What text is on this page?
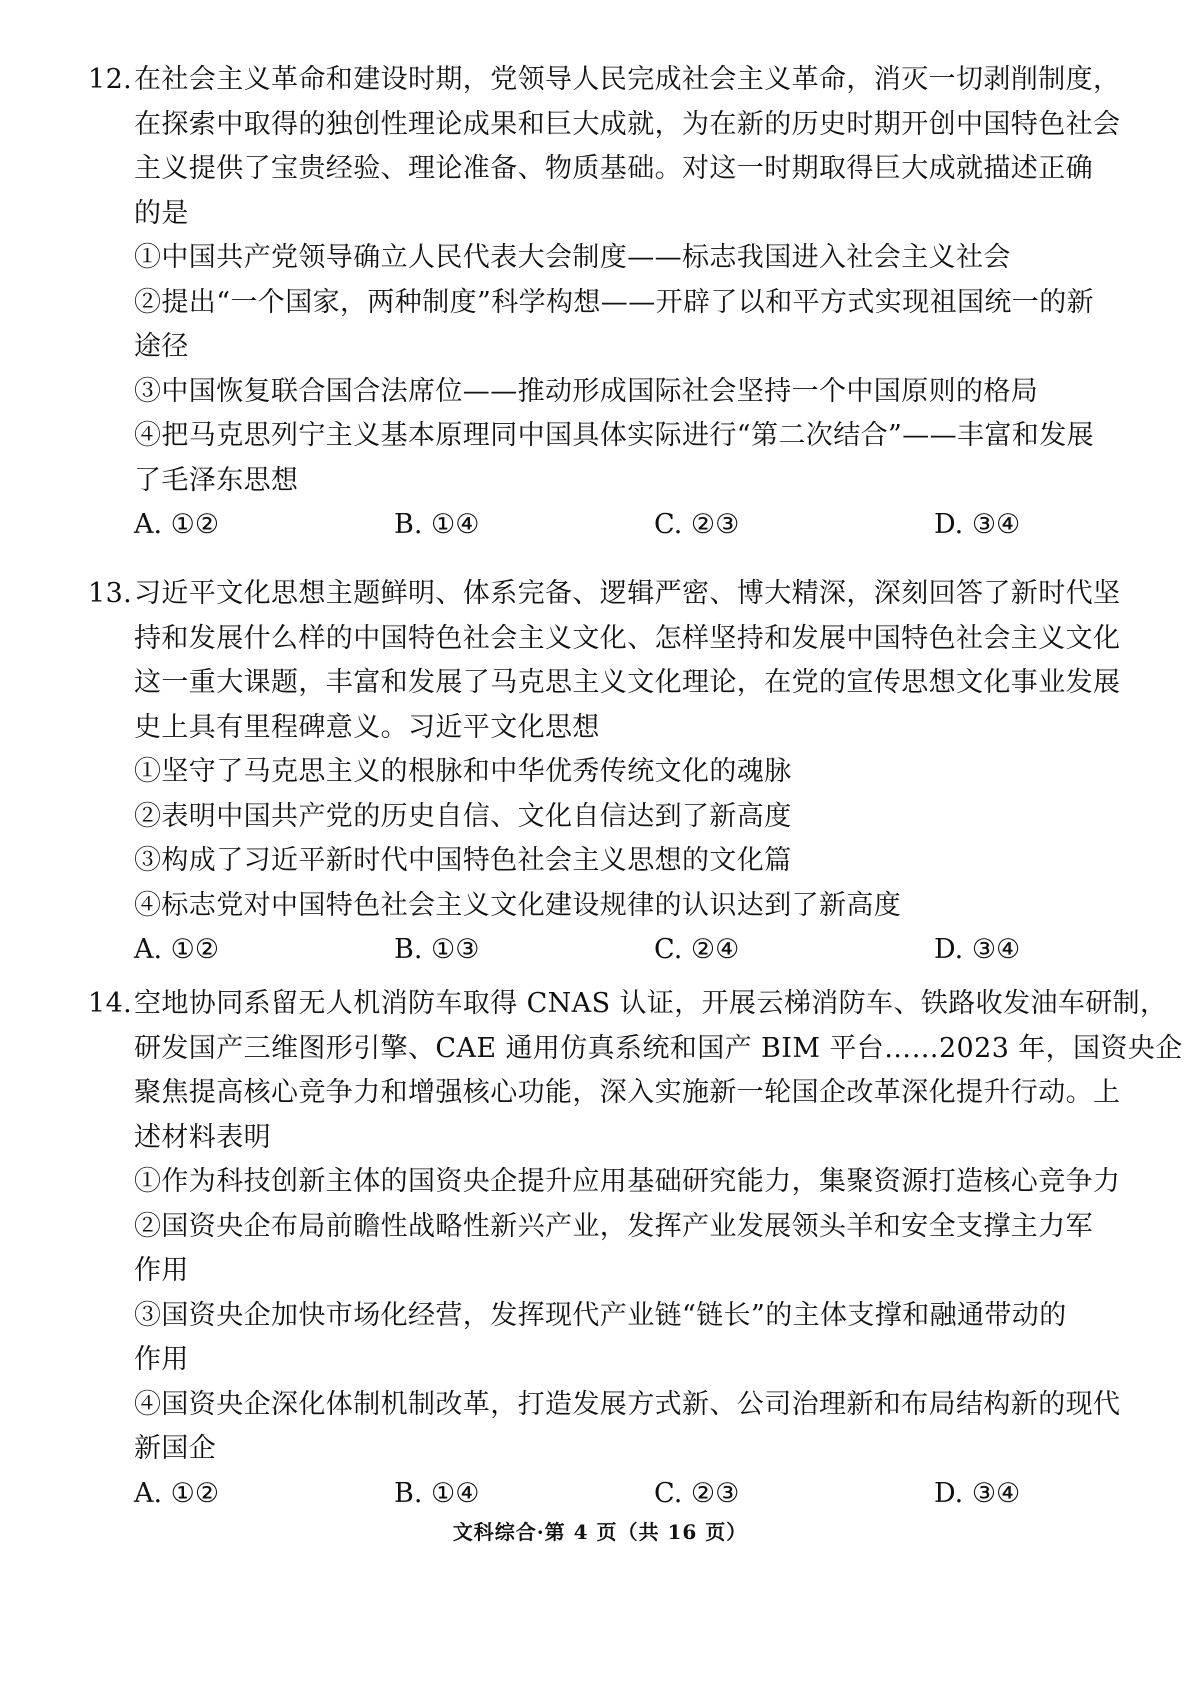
12.在社会主义革命和建设时期，党领导人民完成社会主义革命，消灭一切剥削制度，
在探索中取得的独创性理论成果和巨大成就，为在新的历史时期开创中国特色社会
主义提供了宝贵经验、理论准备、物质基础。对这一时期取得巨大成就描述正确
的是
①中国共产党领导确立人民代表大会制度——标志我国进入社会主义社会
②提出“一个国家，两种制度”科学构想——开辟了以和平方式实现祖国统一的新
途径
③中国恢复联合国合法席位——推动形成国际社会坚持一个中国原则的格局
④把马克思列宁主义基本原理同中国具体实际进行“第二次结合”——丰富和发展
了毛泽东思想
A. ①②	B. ①④	C. ②③	D. ③④
13.习近平文化思想主题鲜明、体系完备、逻辑严密、博大精深，深刻回答了新时代坚
持和发展什么样的中国特色社会主义文化、怎样坚持和发展中国特色社会主义文化
这一重大课题，丰富和发展了马克思主义文化理论，在党的宣传思想文化事业发展
史上具有里程碑意义。习近平文化思想
①坚守了马克思主义的根脉和中华优秀传统文化的魂脉
②表明中国共产党的历史自信、文化自信达到了新高度
③构成了习近平新时代中国特色社会主义思想的文化篇
④标志党对中国特色社会主义文化建设规律的认识达到了新高度
A. ①②	B. ①③	C. ②④	D. ③④
14.空地协同系留无人机消防车取得 CNAS 认证，开展云梯消防车、铁路收发油车研制，
研发国产三维图形引擎、CAE 通用仿真系统和国产 BIM 平台……2023 年，国资央企
聚焦提高核心竞争力和增强核心功能，深入实施新一轮国企改革深化提升行动。上
述材料表明
①作为科技创新主体的国资央企提升应用基础研究能力，集聚资源打造核心竞争力
②国资央企布局前瞻性战略性新兴产业，发挥产业发展领头羊和安全支撑主力军
作用
③国资央企加快市场化经营，发挥现代产业链“链长”的主体支撑和融通带动的
作用
④国资央企深化体制机制改革，打造发展方式新、公司治理新和布局结构新的现代
新国企
A. ①②	B. ①④	C. ②③	D. ③④
文科综合·第 4 页（共 16 页）
